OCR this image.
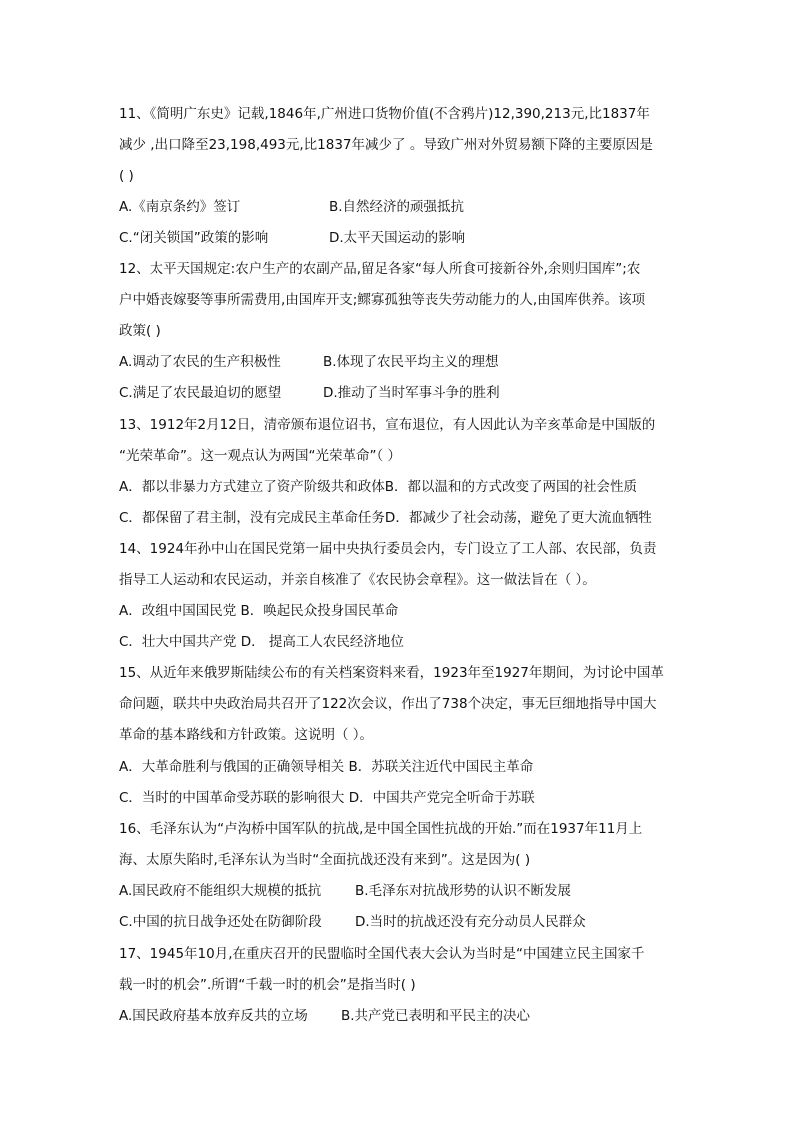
11、《简明广东史》记载,1846年,广州进口货物价值(不含鸦片)12,390,213元,比1837年
减少 ,出口降至23,198,493元,比1837年减少了 。导致广州对外贸易额下降的主要原因是
( )
A.《南京条约》签订	B.自然经济的顽强抵抗
C.“闭关锁国”政策的影响	D.太平天国运动的影响
12、太平天国规定:农户生产的农副产品,留足各家“每人所食可接新谷外,余则归国库”;农
户中婚丧嫁娶等事所需费用,由国库开支;鳏寡孤独等丧失劳动能力的人,由国库供养。该项
政策( )
A.调动了农民的生产积极性	B.体现了农民平均主义的理想
C.满足了农民最迫切的愿望	D.推动了当时军事斗争的胜利
13、1912年2月12日，清帝颁布退位诏书，宣布退位，有人因此认为辛亥革命是中国版的
“光荣革命”。这一观点认为两国“光荣革命”（ ）
A．都以非暴力方式建立了资产阶级共和政体B．都以温和的方式改变了两国的社会性质
C．都保留了君主制，没有完成民主革命任务D．都减少了社会动荡，避免了更大流血牺牲
14、1924年孙中山在国民党第一届中央执行委员会内，专门设立了工人部、农民部，负责
指导工人运动和农民运动，并亲自核准了《农民协会章程》。这一做法旨在（ ）。
A．改组中国国民党 B．唤起民众投身国民革命
C．壮大中国共产党 D． 提高工人农民经济地位
15、从近年来俄罗斯陆续公布的有关档案资料来看，1923年至1927年期间，为讨论中国革
命问题，联共中央政治局共召开了122次会议，作出了738个决定，事无巨细地指导中国大
革命的基本路线和方针政策。这说明（ ）。
A．大革命胜利与俄国的正确领导相关 B．苏联关注近代中国民主革命
C．当时的中国革命受苏联的影响很大 D．中国共产党完全听命于苏联
16、毛泽东认为“卢沟桥中国军队的抗战,是中国全国性抗战的开始.”而在1937年11月上
海、太原失陷时,毛泽东认为当时“全面抗战还没有来到”。这是因为( )
A.国民政府不能组织大规模的抵抗 B.毛泽东对抗战形势的认识不断发展
C.中国的抗日战争还处在防御阶段 D.当时的抗战还没有充分动员人民群众
17、1945年10月,在重庆召开的民盟临时全国代表大会认为当时是“中国建立民主国家千
载一时的机会”.所谓“千载一时的机会”是指当时( )
A.国民政府基本放弃反共的立场 B.共产党已表明和平民主的决心
